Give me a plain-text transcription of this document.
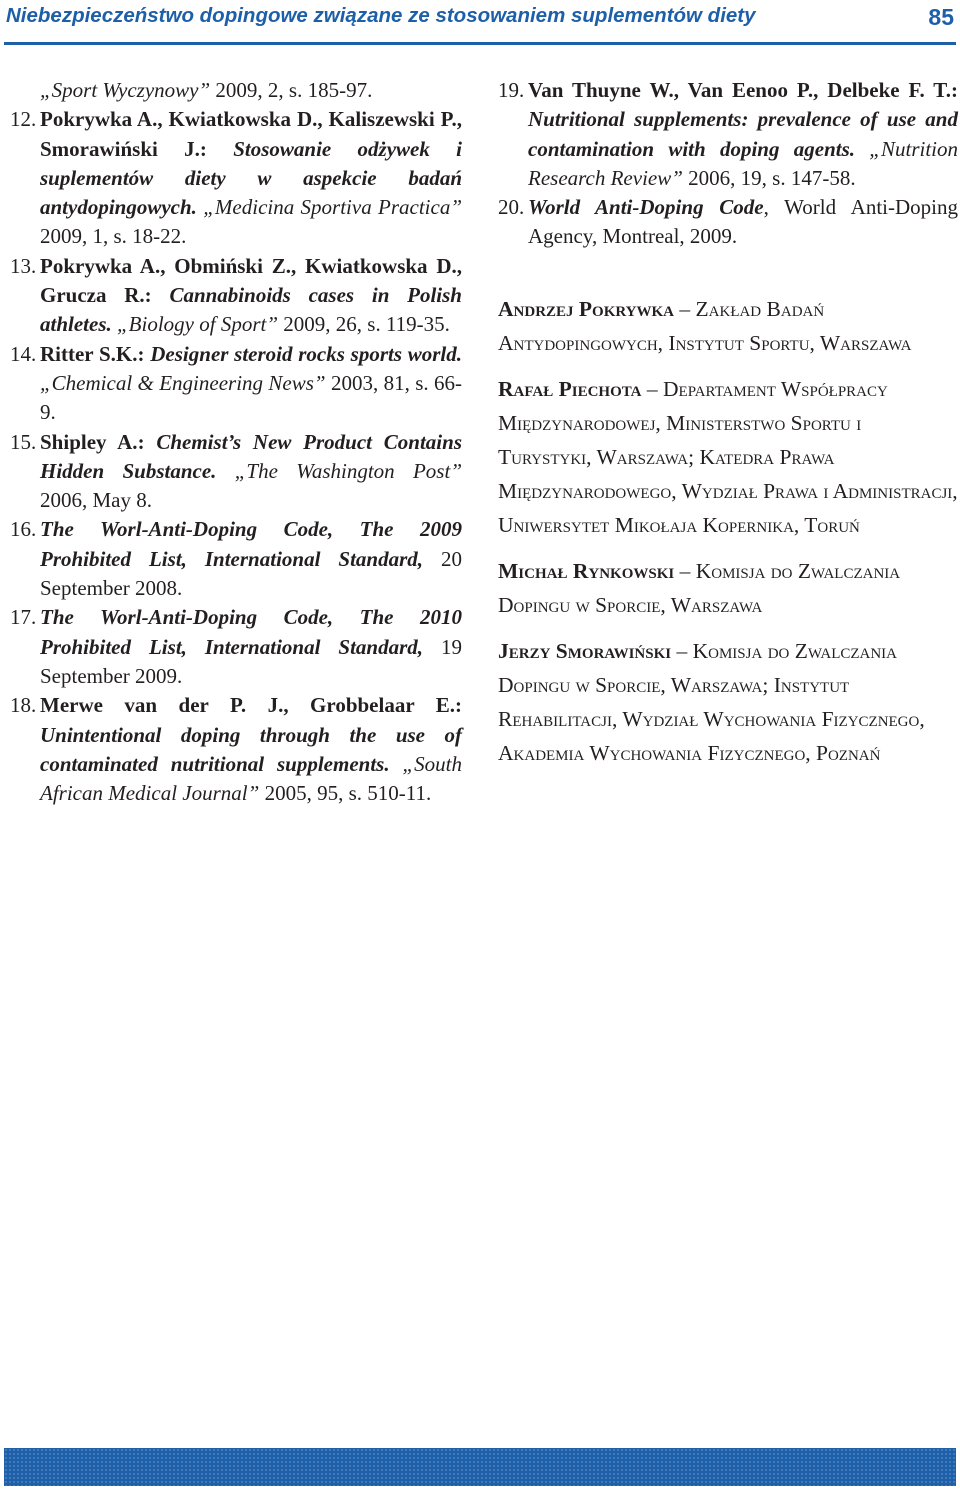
Niebezpieczeństwo dopingowe związane ze stosowaniem suplementów diety	85

„Sport Wyczynowy” 2009, 2, s. 185-97.

12. Pokrywka A., Kwiatkowska D., Kaliszewski P., Smorawiński J.: Stosowanie odżywek i suplementów diety w aspekcie badań antydopingowych. „Medicina Sportiva Practica” 2009, 1, s. 18-22.

13. Pokrywka A., Obmiński Z., Kwiatkowska D., Grucza R.: Cannabinoids cases in Polish athletes. „Biology of Sport” 2009, 26, s. 119-35.

14. Ritter S.K.: Designer steroid rocks sports world. „Chemical & Engineering News” 2003, 81, s. 66-9.

15. Shipley A.: Chemist’s New Product Contains Hidden Substance. „The Washington Post” 2006, May 8.

16. The Worl-Anti-Doping Code, The 2009 Prohibited List, International Standard, 20 September 2008.

17. The Worl-Anti-Doping Code, The 2010 Prohibited List, International Standard, 19 September 2009.

18. Merwe van der P. J., Grobbelaar E.: Unintentional doping through the use of contaminated nutritional supplements. „South African Medical Journal” 2005, 95, s. 510-11.

19. Van Thuyne W., Van Eenoo P., Delbeke F. T.: Nutritional supplements: prevalence of use and contamination with doping agents. „Nutrition Research Review” 2006, 19, s. 147-58.

20. World Anti-Doping Code, World Anti-Doping Agency, Montreal, 2009.

Andrzej Pokrywka – Zakład Badań Antydopingowych, Instytut Sportu, Warszawa

Rafał Piechota – Departament Współpracy Międzynarodowej, Ministerstwo Sportu i Turystyki, Warszawa; Katedra Prawa Międzynarodowego, Wydział Prawa i Administracji, Uniwersytet Mikołaja Kopernika, Toruń

Michał Rynkowski – Komisja do Zwalczania Dopingu w Sporcie, Warszawa

Jerzy Smorawiński – Komisja do Zwalczania Dopingu w Sporcie, Warszawa; Instytut Rehabilitacji, Wydział Wychowania Fizycznego, Akademia Wychowania Fizycznego, Poznań
